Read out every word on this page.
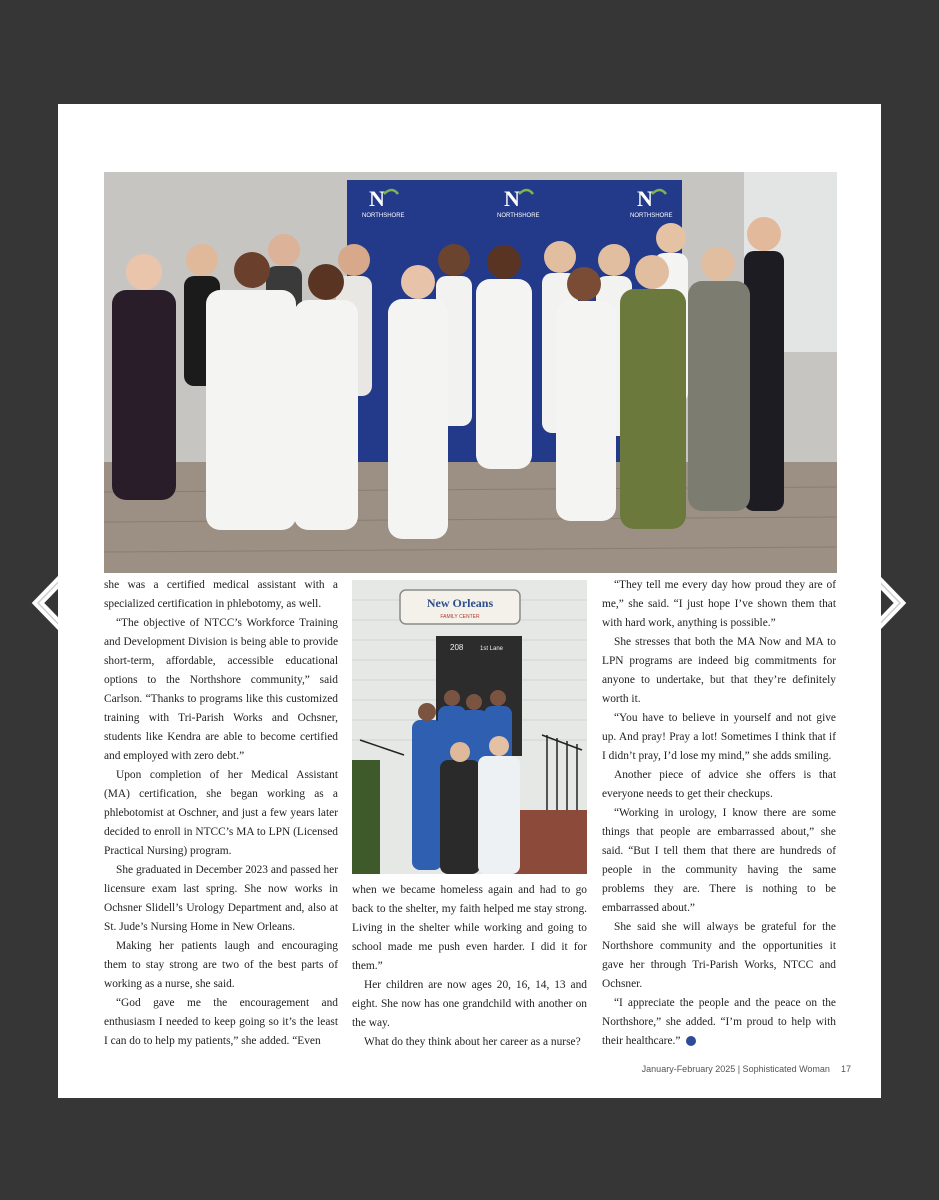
N
NORTHSHORE
N
NORTHSHORE
N
NORTHSHORE

she was a certified medical assistant with a specialized certification in phlebotomy, as well.

“The objective of NTCC’s Workforce Training and Development Division is being able to provide short-term, affordable, accessible educational options to the Northshore community,” said Carlson. “Thanks to programs like this customized training with Tri-Parish Works and Ochsner, students like Kendra are able to become certified and employed with zero debt.”

Upon completion of her Medical Assistant (MA) certification, she began working as a phlebotomist at Oschner, and just a few years later decided to enroll in NTCC’s MA to LPN (Licensed Practical Nursing) program.

She graduated in December 2023 and passed her licensure exam last spring. She now works in Ochsner Slidell’s Urology Department and, also at St. Jude’s Nursing Home in New Orleans.

Making her patients laugh and encouraging them to stay strong are two of the best parts of working as a nurse, she said.

“God gave me the encouragement and enthusiasm I needed to keep going so it’s the least I can do to help my patients,” she added. “Even

New Orleans
FAMILY CENTER
208	1st Lane

when we became homeless again and had to go back to the shelter, my faith helped me stay strong. Living in the shelter while working and going to school made me push even harder. I did it for them.”

Her children are now ages 20, 16, 14, 13 and eight. She now has one grandchild with another on the way.

What do they think about her career as a nurse?

“They tell me every day how proud they are of me,” she said. “I just hope I’ve shown them that with hard work, anything is possible.”

She stresses that both the MA Now and MA to LPN programs are indeed big commitments for anyone to undertake, but that they’re definitely worth it.

“You have to believe in yourself and not give up. And pray! Pray a lot! Sometimes I think that if I didn’t pray, I’d lose my mind,” she adds smiling.

Another piece of advice she offers is that everyone needs to get their checkups.

“Working in urology, I know there are some things that people are embarrassed about,” she said. “But I tell them that there are hundreds of people in the community having the same problems they are. There is nothing to be embarrassed about.”

She said she will always be grateful for the Northshore community and the opportunities it gave her through Tri-Parish Works, NTCC and Ochsner.

“I appreciate the people and the peace on the Northshore,” she added. “I’m proud to help with their healthcare.”

January-February 2025 | Sophisticated Woman 17
